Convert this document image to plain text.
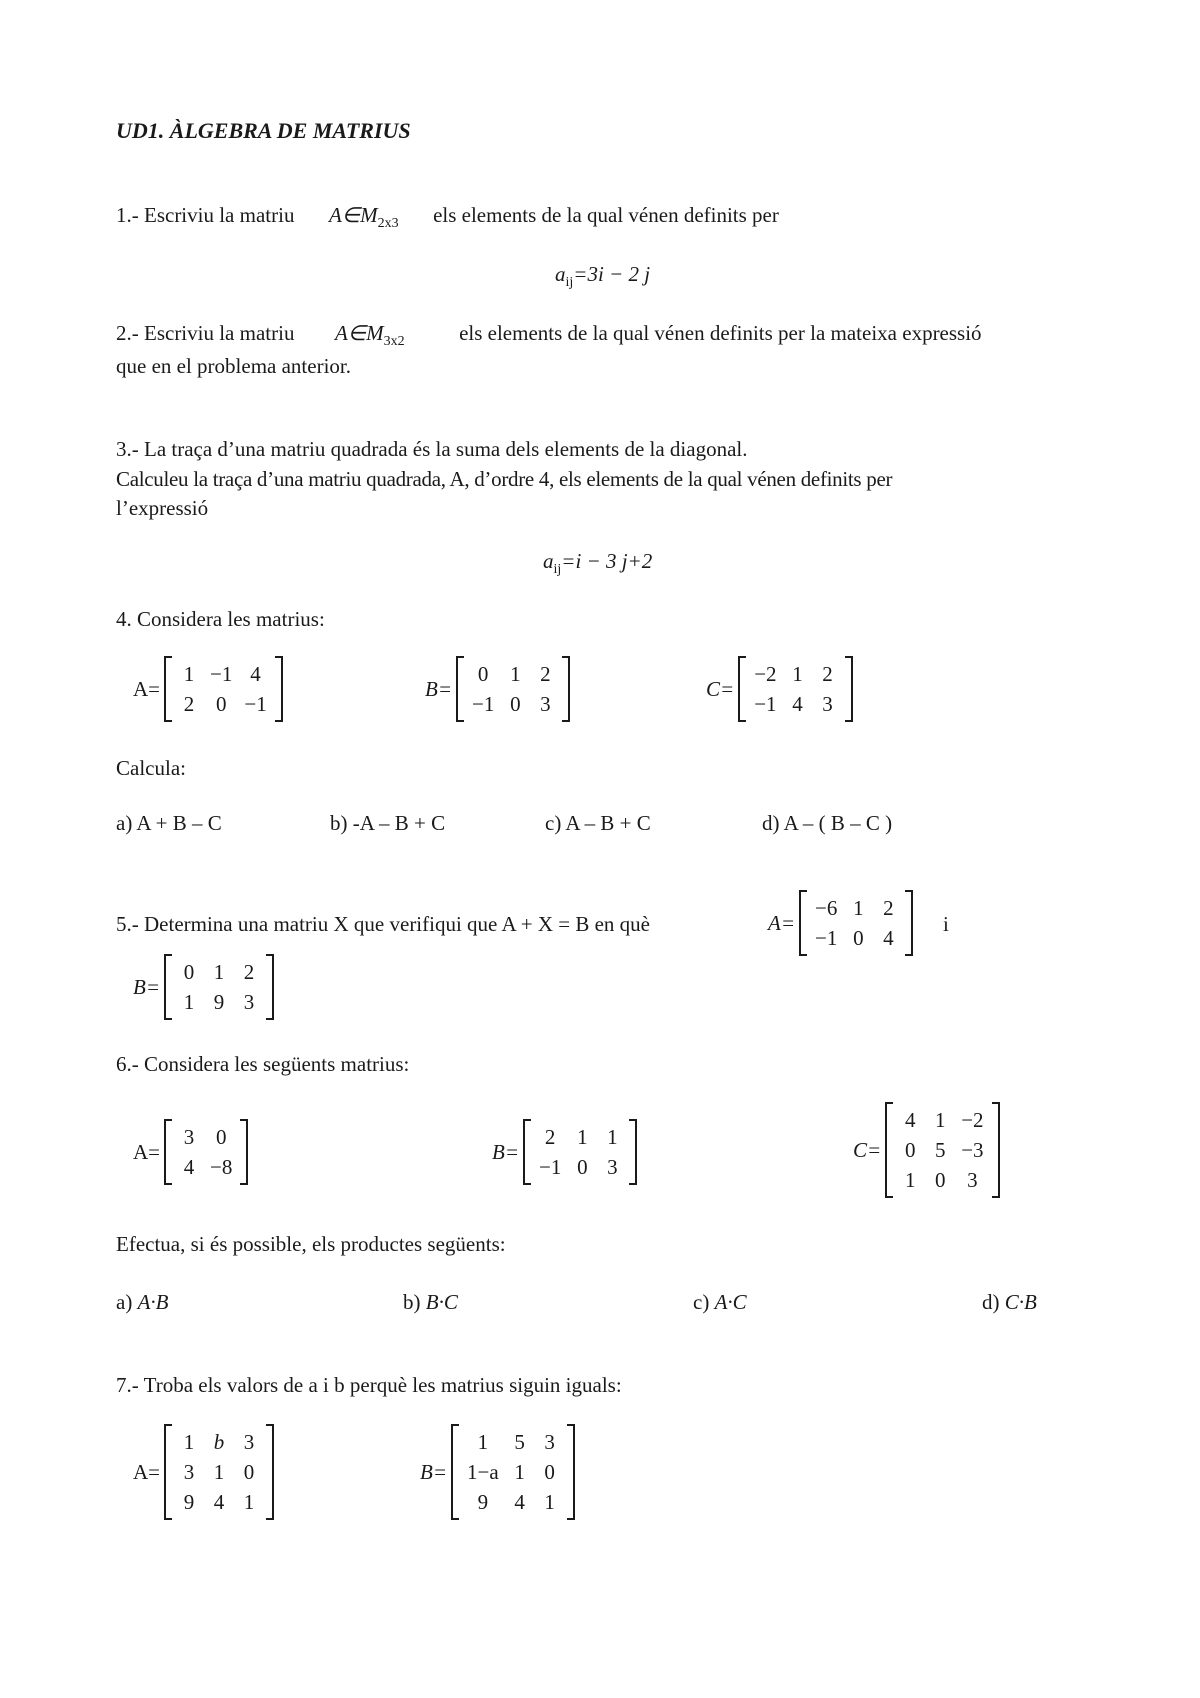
UD1. ÀLGEBRA DE MATRIUS
1.- Escriviu la matriu $A\in M_{2x3}$ els elements de la qual vénen definits per
$a_{ij}=3i - 2$ j
2.- Escriviu la matriu $A\in M_{3x2}$	els elements de la qual vénen definits per la mateixa expressió
que en el problema anterior.
3.- La traça d’una matriu quadrada és la suma dels elements de la diagonal.
Calculeu la traça d’una matriu quadrada, A, d’ordre 4, els elements de la qual vénen definits per
l’expressió
$a_{ij}=i - 3$ j+2
4. Considera les matrius:
A=
1 −1 4
2	0 −1
B=
0	1 2
−1 0 3
C=
−2 1 2
−1 4 3
Calcula:
a) A + B – C	b) -A – B + C	c) A – B + C	d) A – ( B – C )
5.- Determina una matriu X que verifiqui que A + X = B en què	A=
−6 1 2
−1 0 4
i
B=
0 1 2
1 9 3
6.- Considera les següents matrius:
A=
3	0
4 −8
B=
2	1 1
−1 0 3
C=
4 1 −2
0 5 −3
1 0	3
Efectua, si és possible, els productes següents:
a) A·B	b) B·C	c) A·C	d) C·B
7.- Troba els valors de a i b perquè les matrius siguin iguals:
A=
1 b 3
3 1 0
9 4 1
B=
1	5 3
1−a 1 0
9	4 1
